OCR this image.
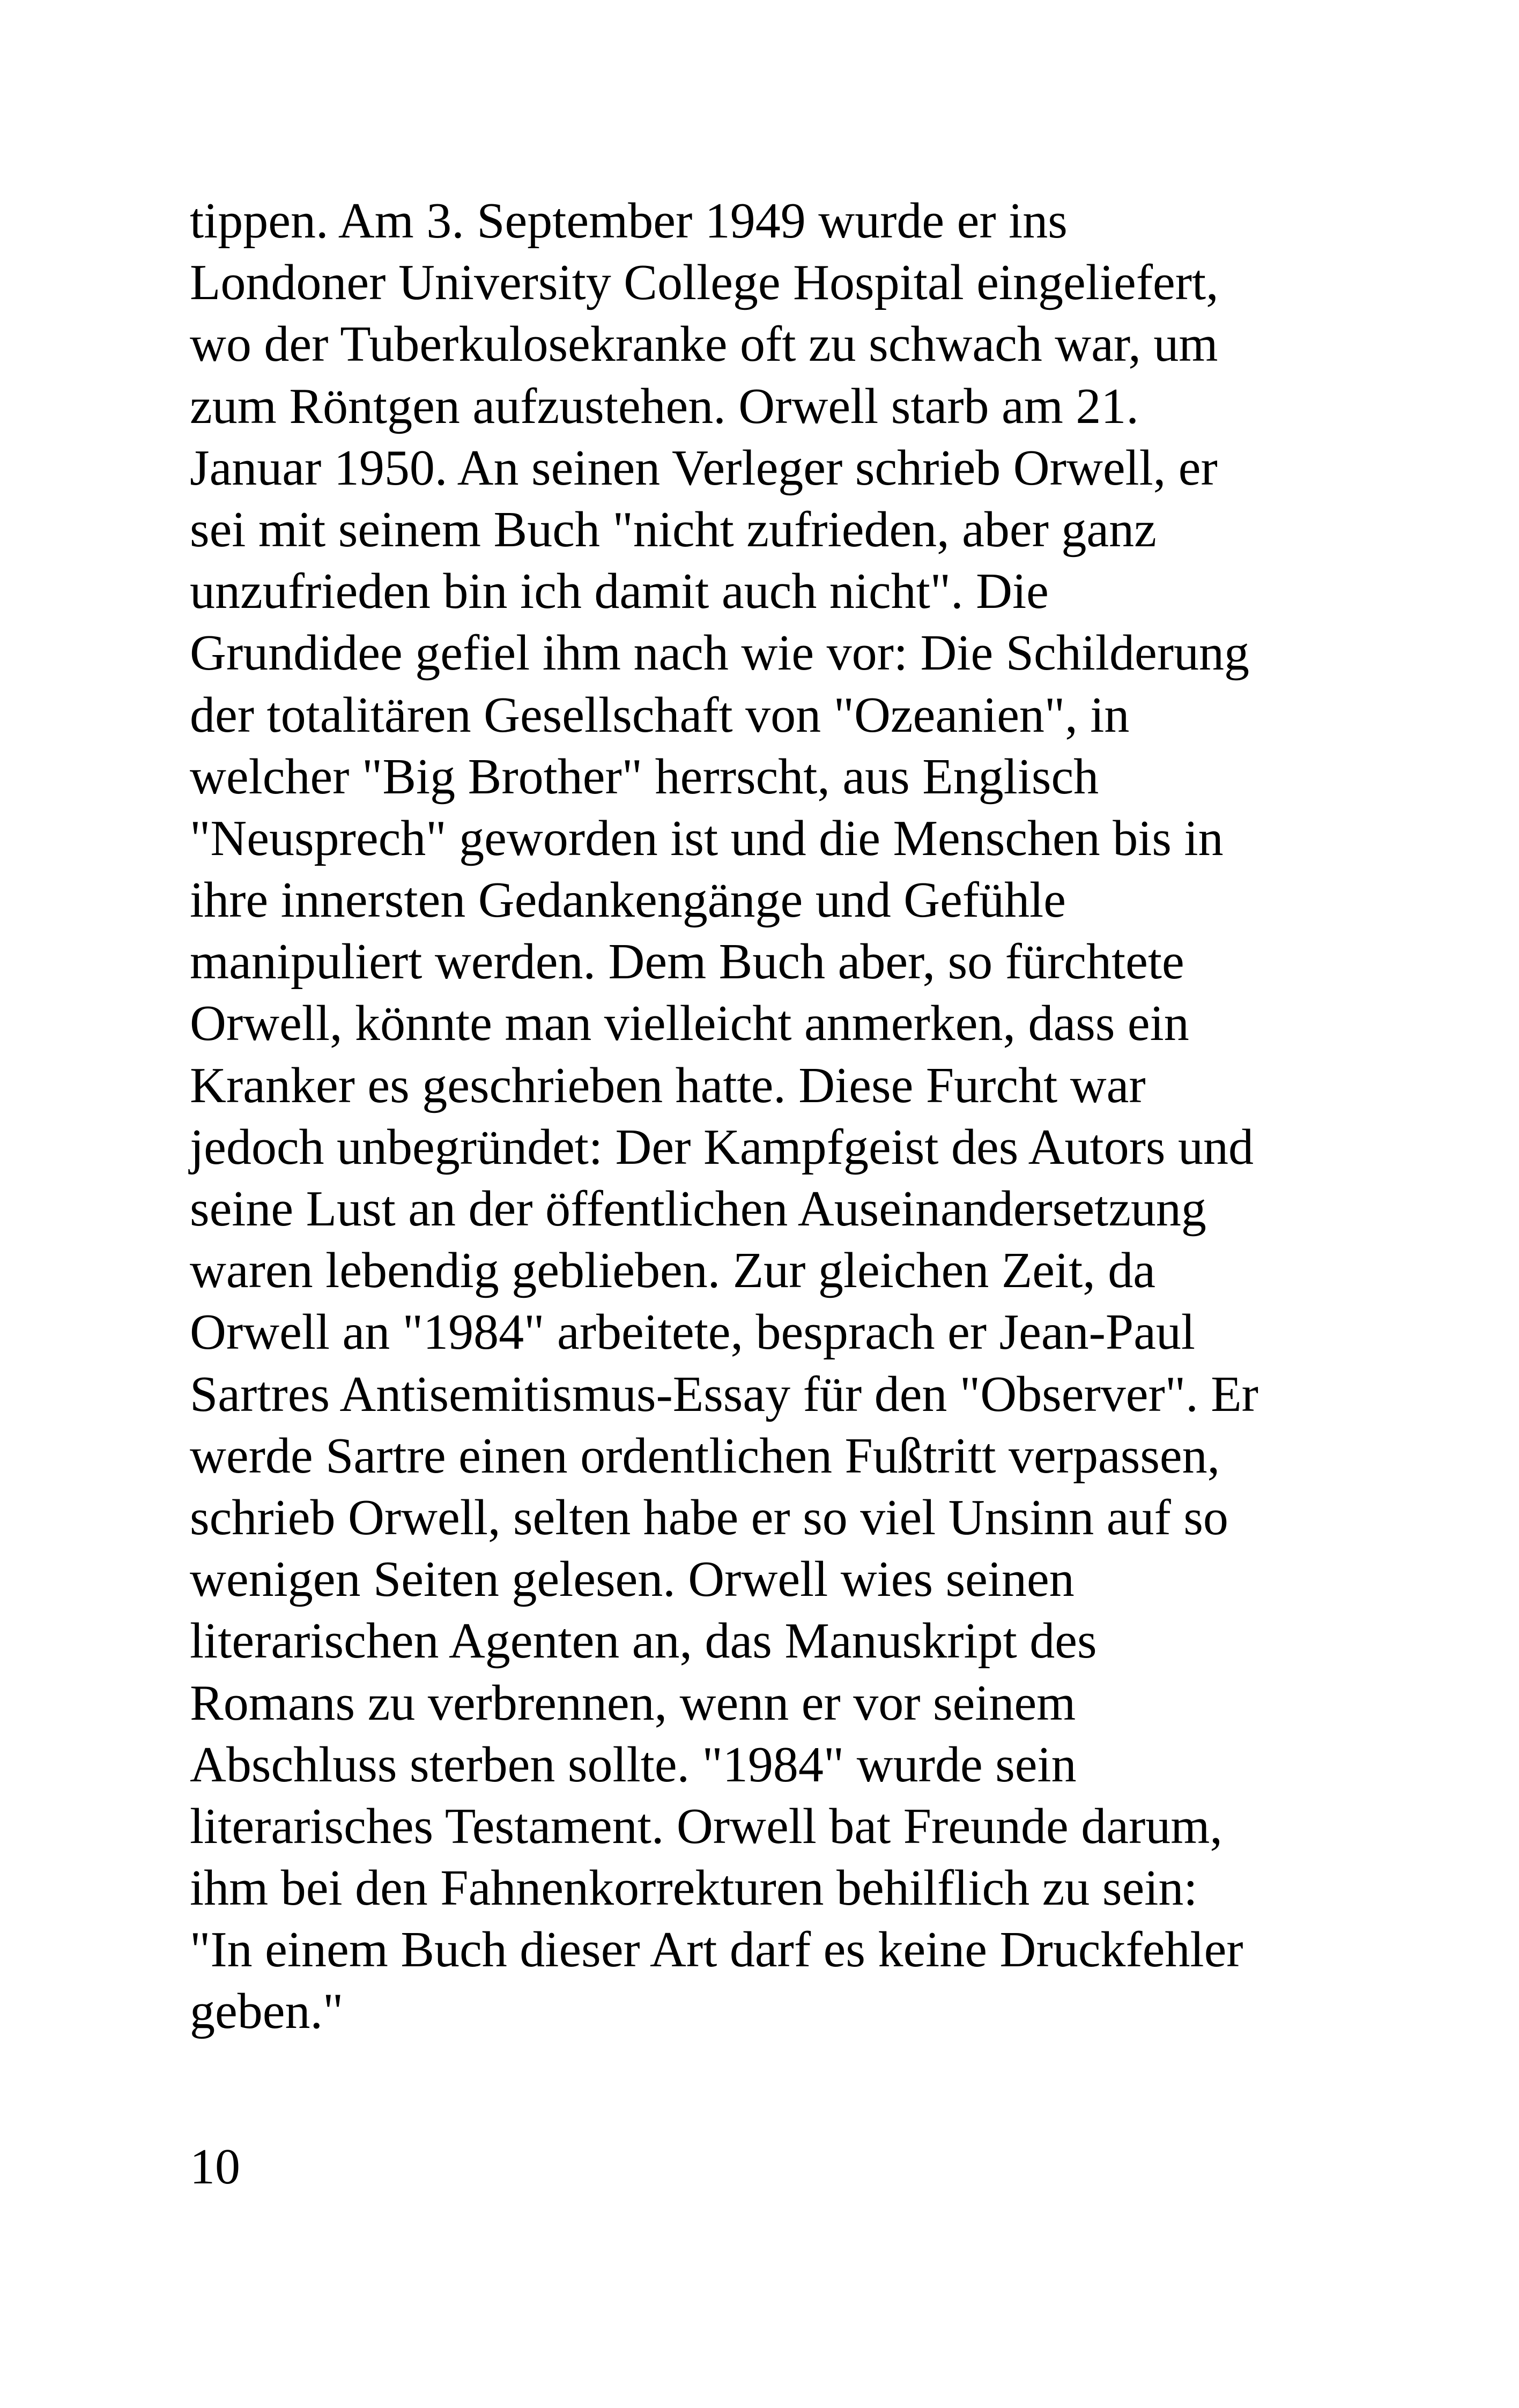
tippen. Am 3. September 1949 wurde er ins
Londoner University College Hospital eingeliefert,
wo der Tuberkulosekranke oft zu schwach war, um
zum Röntgen aufzustehen. Orwell starb am 21.
Januar 1950. An seinen Verleger schrieb Orwell, er
sei mit seinem Buch "nicht zufrieden, aber ganz
unzufrieden bin ich damit auch nicht". Die
Grundidee gefiel ihm nach wie vor: Die Schilderung
der totalitären Gesellschaft von "Ozeanien", in
welcher "Big Brother" herrscht, aus Englisch
"Neusprech" geworden ist und die Menschen bis in
ihre innersten Gedankengänge und Gefühle
manipuliert werden. Dem Buch aber, so fürchtete
Orwell, könnte man vielleicht anmerken, dass ein
Kranker es geschrieben hatte. Diese Furcht war
jedoch unbegründet: Der Kampfgeist des Autors und
seine Lust an der öffentlichen Auseinandersetzung
waren lebendig geblieben. Zur gleichen Zeit, da
Orwell an "1984" arbeitete, besprach er Jean-Paul
Sartres Antisemitismus-Essay für den "Observer". Er
werde Sartre einen ordentlichen Fußtritt verpassen,
schrieb Orwell, selten habe er so viel Unsinn auf so
wenigen Seiten gelesen. Orwell wies seinen
literarischen Agenten an, das Manuskript des
Romans zu verbrennen, wenn er vor seinem
Abschluss sterben sollte. "1984" wurde sein
literarisches Testament. Orwell bat Freunde darum,
ihm bei den Fahnenkorrekturen behilflich zu sein:
"In einem Buch dieser Art darf es keine Druckfehler
geben."
10
